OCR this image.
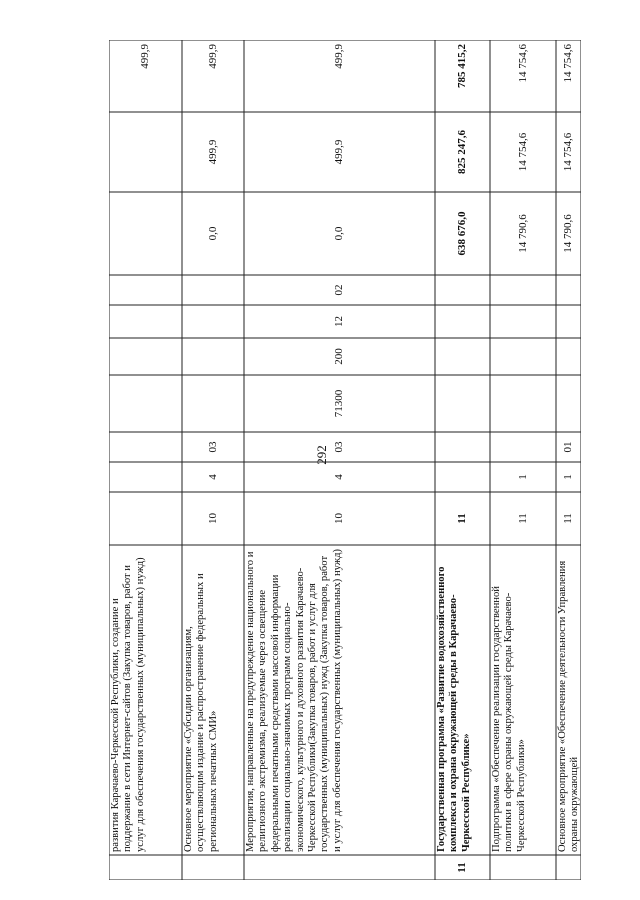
292
развития Карачаево-Черкесской Республики, создание и поддержание в сети Интернет-сайтов (Закупка товаров, работ и услуг для обеспечения государственных (муниципальных) нужд)
499,9
Основное мероприятие «Субсидии организациям, осуществляющим издание и распространение федеральных и региональных печатных СМИ»
10
4
03
0,0
499,9
499,9
Мероприятия, направленные на предупреждение национального и религиозного экстремизма, реализуемые через освещение федеральными печатными средствами массовой информации реализации социально-значимых программ социально-экономического, культурного и духовного развития Карачаево-Черкесской Республики(Закупка товаров, работ и услуг для государственных (муниципальных) нужд (Закупка товаров, работ и услуг для обеспечения государственных (муниципальных) нужд)
10
4
03
71300
200
12
02
0,0
499,9
499,9
11
Государственная программа «Развитие водохозяйственного комплекса и охрана окружающей среды в Карачаево-Черкесской Республике»
11
638 676,0
825 247,6
785 415,2
Подпрограмма «Обеспечение реализации государственной политики в сфере охраны окружающей среды Карачаево-Черкесской Республики»
11
1
14 790,6
14 754,6
14 754,6
Основное мероприятие «Обеспечение деятельности Управления охраны окружающей
11
1
01
14 790,6
14 754,6
14 754,6
